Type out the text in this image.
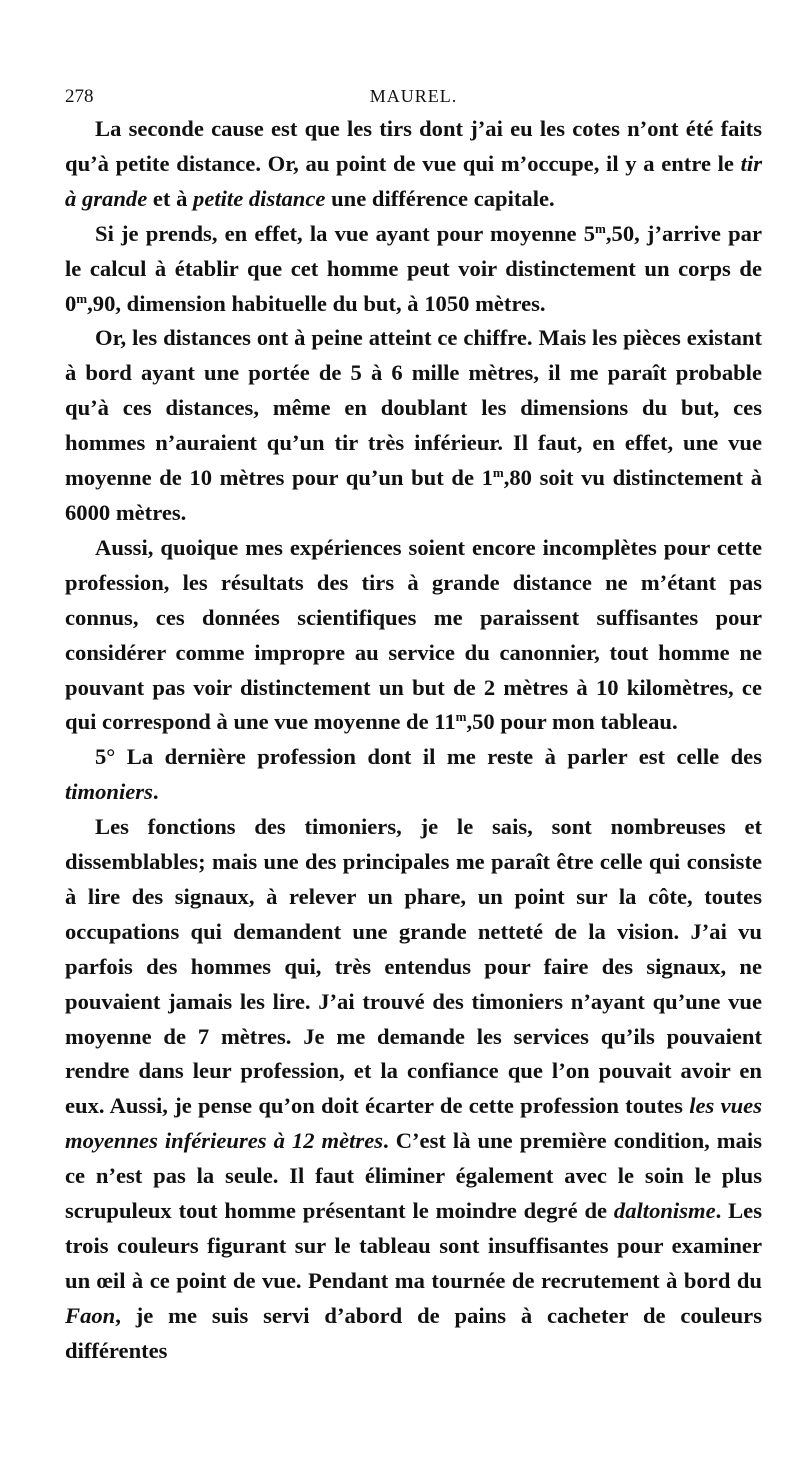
278	MAUREL.

La seconde cause est que les tirs dont j’ai eu les cotes n’ont été faits qu’à petite distance. Or, au point de vue qui m’occupe, il y a entre le tir à grande et à petite distance une différence capitale.

Si je prends, en effet, la vue ayant pour moyenne 5$^m$,50, j’arrive par le calcul à établir que cet homme peut voir distinctement un corps de 0$^m$,90, dimension habituelle du but, à 1050 mètres.

Or, les distances ont à peine atteint ce chiffre. Mais les pièces existant à bord ayant une portée de 5 à 6 mille mètres, il me paraît probable qu’à ces distances, même en doublant les dimensions du but, ces hommes n’auraient qu’un tir très inférieur. Il faut, en effet, une vue moyenne de 10 mètres pour qu’un but de 1$^m$,80 soit vu distinctement à 6000 mètres.

Aussi, quoique mes expériences soient encore incomplètes pour cette profession, les résultats des tirs à grande distance ne m’étant pas connus, ces données scientifiques me paraissent suffisantes pour considérer comme impropre au service du canonnier, tout homme ne pouvant pas voir distinctement un but de 2 mètres à 10 kilomètres, ce qui correspond à une vue moyenne de 11$^m$,50 pour mon tableau.

5° La dernière profession dont il me reste à parler est celle des timoniers.

Les fonctions des timoniers, je le sais, sont nombreuses et dissemblables; mais une des principales me paraît être celle qui consiste à lire des signaux, à relever un phare, un point sur la côte, toutes occupations qui demandent une grande netteté de la vision. J’ai vu parfois des hommes qui, très entendus pour faire des signaux, ne pouvaient jamais les lire. J’ai trouvé des timoniers n’ayant qu’une vue moyenne de 7 mètres. Je me demande les services qu’ils pouvaient rendre dans leur profession, et la confiance que l’on pouvait avoir en eux. Aussi, je pense qu’on doit écarter de cette profession toutes les vues moyennes inférieures à 12 mètres. C’est là une première condition, mais ce n’est pas la seule. Il faut éliminer également avec le soin le plus scrupuleux tout homme présentant le moindre degré de daltonisme. Les trois couleurs figurant sur le tableau sont insuffisantes pour examiner un œil à ce point de vue. Pendant ma tournée de recrutement à bord du Faon, je me suis servi d’abord de pains à cacheter de couleurs différentes
